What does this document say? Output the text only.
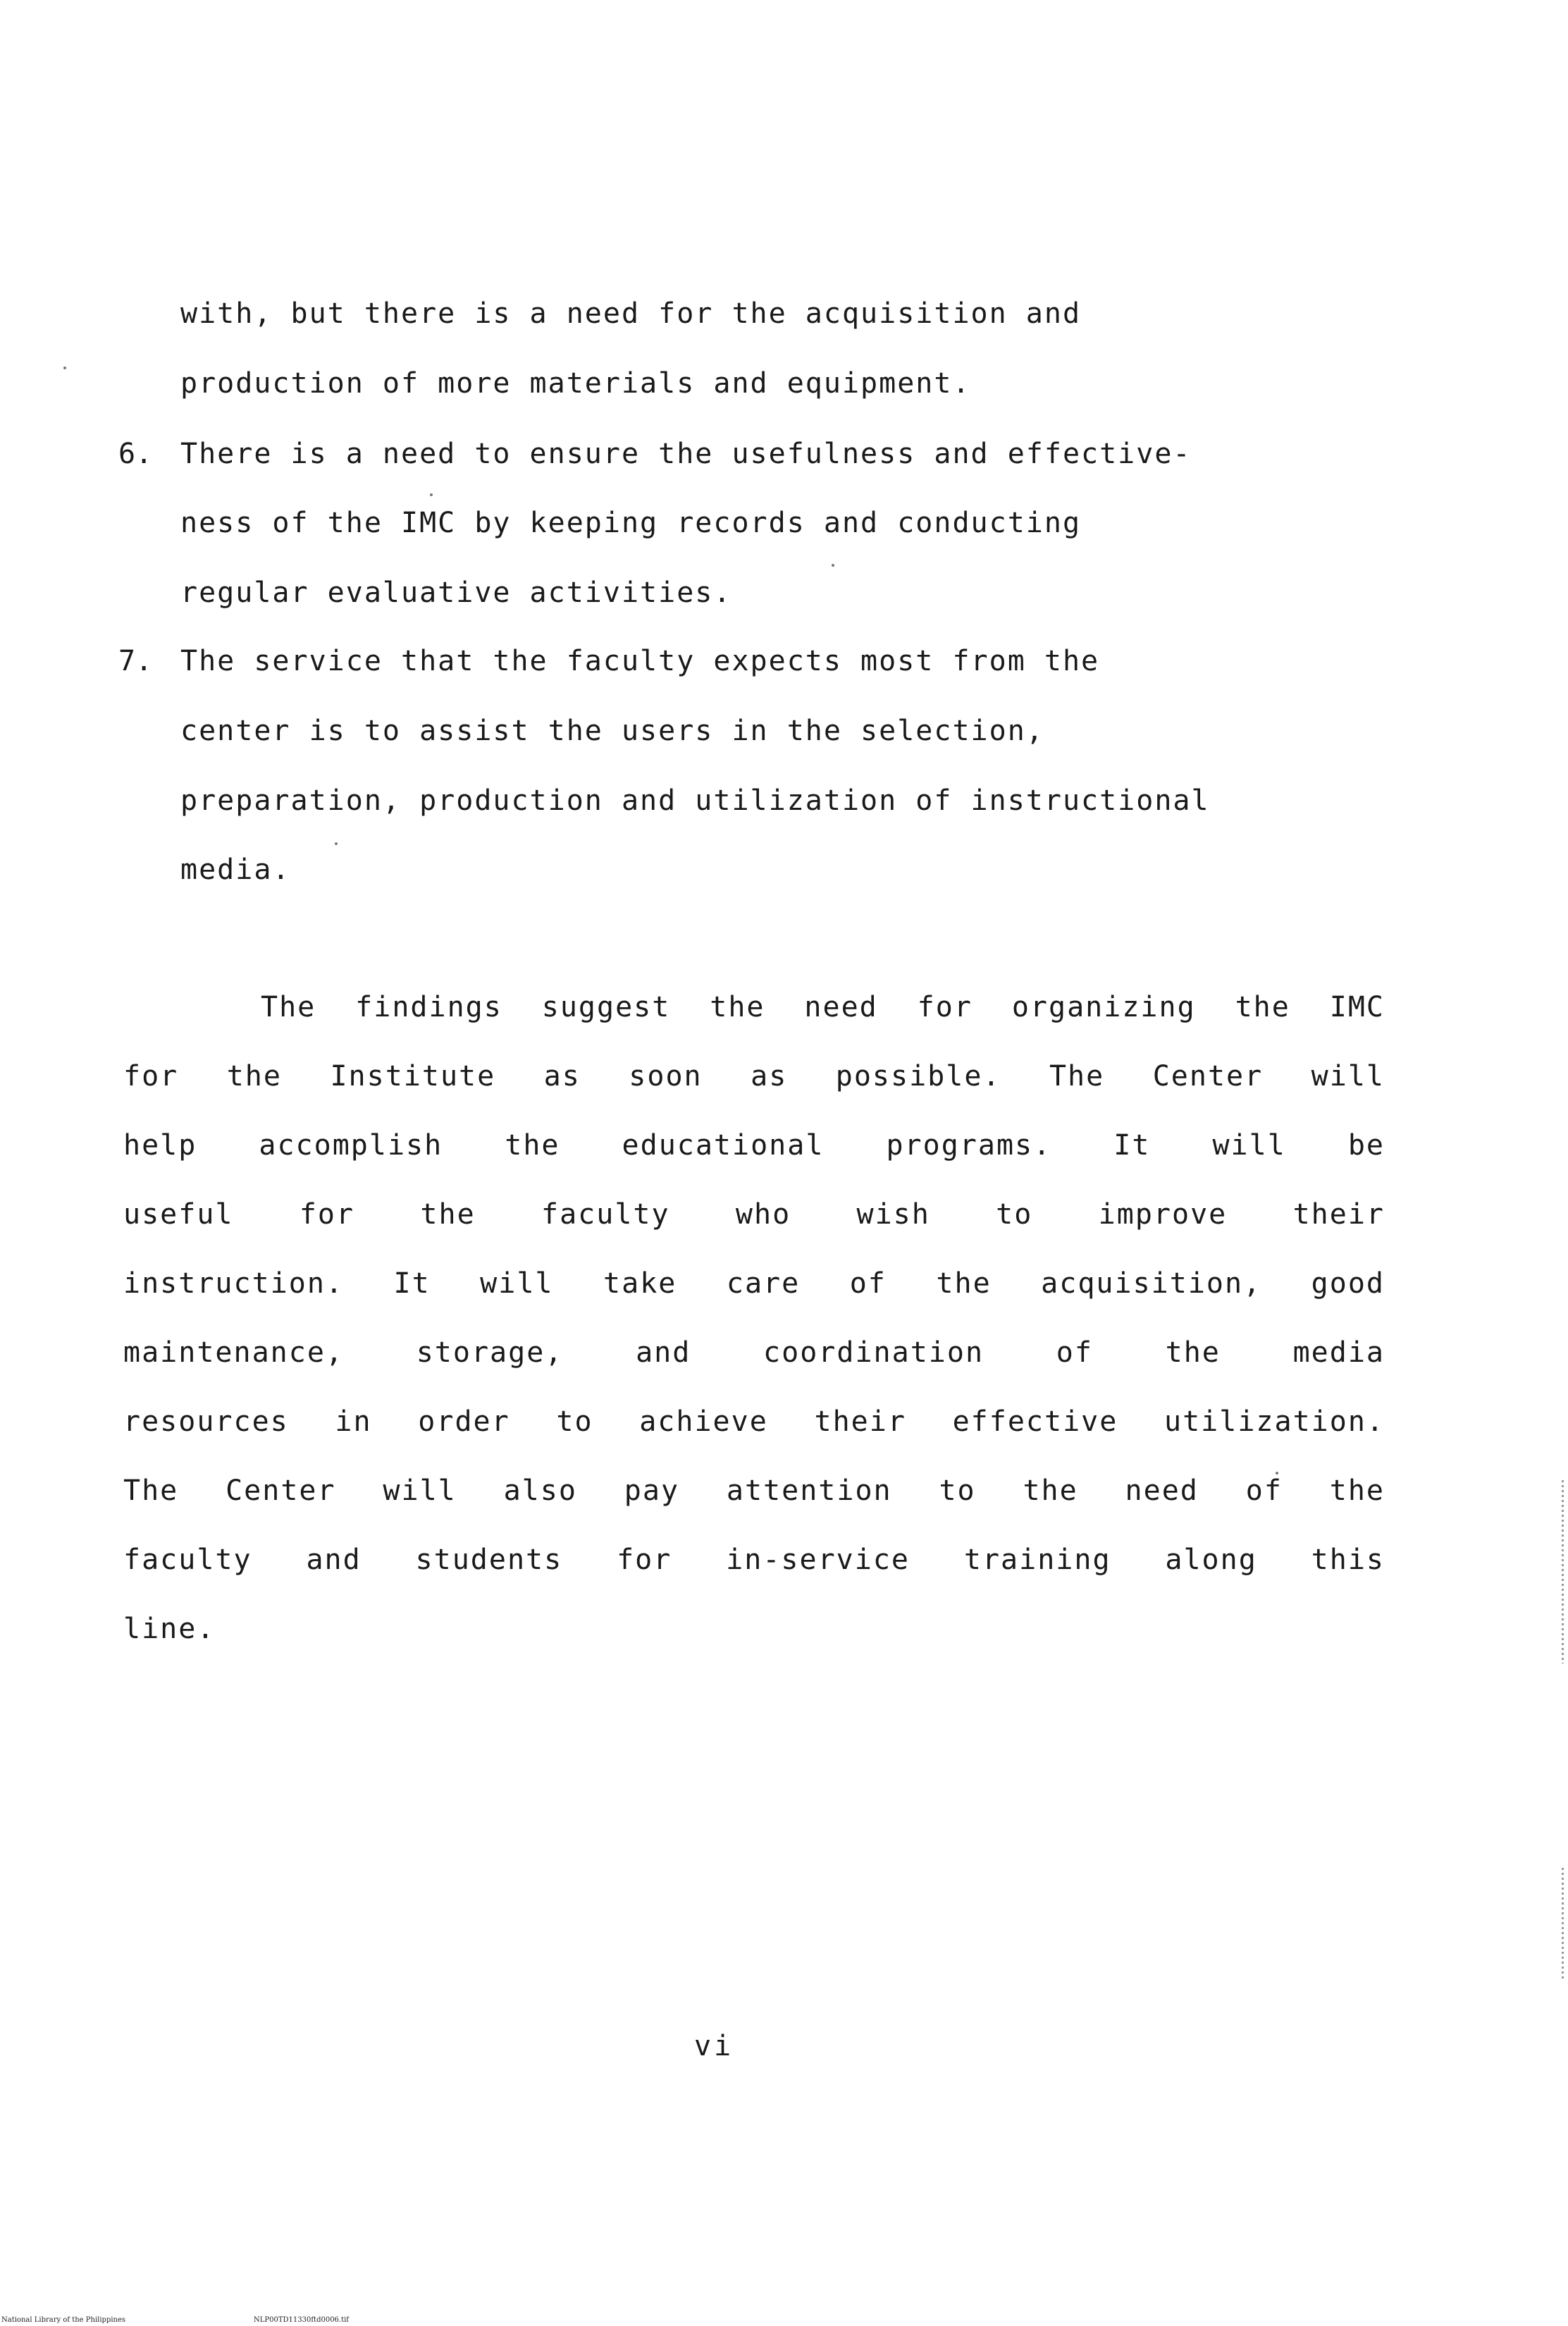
with, but there is a need for the acquisition and
production of more materials and equipment.
6. There is a need to ensure the usefulness and effective-
ness of the IMC by keeping records and conducting
regular evaluative activities.
7. The service that the faculty expects most from the
center is to assist the users in the selection,
preparation, production and utilization of instructional
media.
The findings suggest the need for organizing the IMC
for the Institute as soon as possible. The Center will
help accomplish the educational programs. It will be
useful for the faculty who wish to improve their
instruction. It will take care of the acquisition, good
maintenance, storage, and coordination of the media
resources in order to achieve their effective utilization.
The Center will also pay attention to the need of the
faculty and students for in-service training along this
line.
vi
National Library of the Philippines	NLP00TD11330ftd0006.tif
